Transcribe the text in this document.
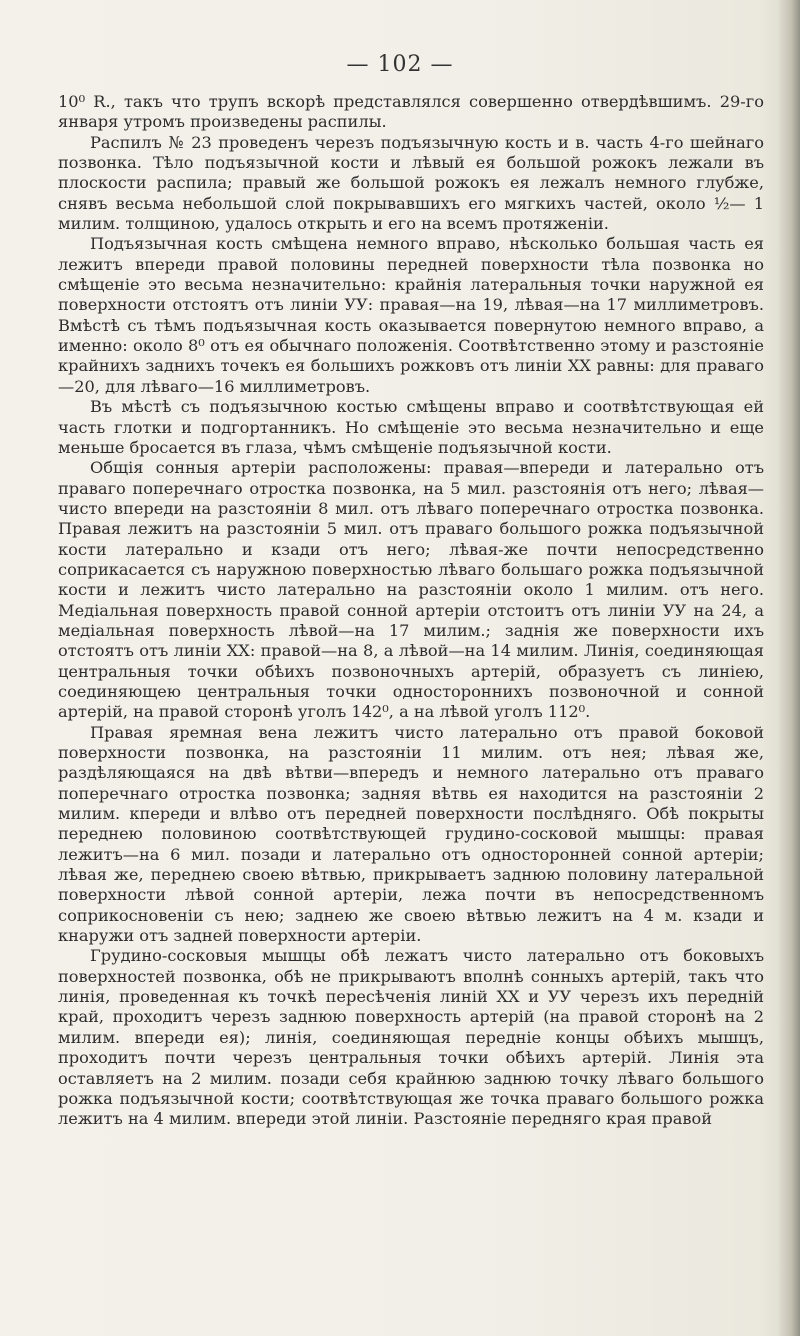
— 102 —

10⁰ R., такъ что трупъ вскорѣ представлялся совершенно отвердѣвшимъ. 29-го января утромъ произведены распилы.

Распилъ № 23 проведенъ черезъ подъязычную кость и в. часть 4-го шейнаго позвонка. Тѣло подъязычной кости и лѣвый ея большой рожокъ лежали въ плоскости распила; правый же большой рожокъ ея лежалъ немного глубже, снявъ весьма небольшой слой покрывавшихъ его мягкихъ частей, около ½— 1 милим. толщиною, удалось открыть и его на всемъ протяженіи.

Подъязычная кость смѣщена немного вправо, нѣсколько большая часть ея лежитъ впереди правой половины передней поверхности тѣла позвонка но смѣщеніе это весьма незначительно: крайнія латеральныя точки наружной ея поверхности отстоятъ отъ линіи УУ: правая—на 19, лѣвая—на 17 миллиметровъ. Вмѣстѣ съ тѣмъ подъязычная кость оказывается повернутою немного вправо, а именно: около 8⁰ отъ ея обычнаго положенія. Соотвѣтственно этому и разстояніе крайнихъ заднихъ точекъ ея большихъ рожковъ отъ линіи XX равны: для праваго—20, для лѣваго—16 миллиметровъ.

Въ мѣстѣ съ подъязычною костью смѣщены вправо и соотвѣтствующая ей часть глотки и подгортанникъ. Но смѣщеніе это весьма незначительно и еще меньше бросается въ глаза, чѣмъ смѣщеніе подъязычной кости.

Общія сонныя артеріи расположены: правая—впереди и латерально отъ праваго поперечнаго отростка позвонка, на 5 мил. разстоянія отъ него; лѣвая—чисто впереди на разстояніи 8 мил. отъ лѣваго поперечнаго отростка позвонка. Правая лежитъ на разстояніи 5 мил. отъ праваго большого рожка подъязычной кости латерально и кзади отъ него; лѣвая-же почти непосредственно соприкасается съ наружною поверхностью лѣваго большаго рожка подъязычной кости и лежитъ чисто латерально на разстояніи около 1 милим. отъ него. Медіальная поверхность правой сонной артеріи отстоитъ отъ линіи УУ на 24, а медіальная поверхность лѣвой—на 17 милим.; заднія же поверхности ихъ отстоятъ отъ линіи XX: правой—на 8, а лѣвой—на 14 милим. Линія, соединяющая центральныя точки обѣихъ позвоночныхъ артерій, образуетъ съ линіею, соединяющею центральныя точки одностороннихъ позвоночной и сонной артерій, на правой сторонѣ уголъ 142⁰, а на лѣвой уголъ 112⁰.

Правая яремная вена лежитъ чисто латерально отъ правой боковой поверхности позвонка, на разстояніи 11 милим. отъ нея; лѣвая же, раздѣляющаяся на двѣ вѣтви—впередъ и немного латерально отъ праваго поперечнаго отростка позвонка; задняя вѣтвь ея находится на разстояніи 2 милим. кпереди и влѣво отъ передней поверхности послѣдняго. Обѣ покрыты переднею половиною соотвѣтствующей грудино-сосковой мышцы: правая лежитъ—на 6 мил. позади и латерально отъ односторонней сонной артеріи; лѣвая же, переднею своею вѣтвью, прикрываетъ заднюю половину латеральной поверхности лѣвой сонной артеріи, лежа почти въ непосредственномъ соприкосновеніи съ нею; заднею же своею вѣтвью лежитъ на 4 м. кзади и кнаружи отъ задней поверхности артеріи.

Грудино-сосковыя мышцы обѣ лежатъ чисто латерально отъ боковыхъ поверхностей позвонка, обѣ не прикрываютъ вполнѣ сонныхъ артерій, такъ что линія, проведенная къ точкѣ пересѣченія линій XX и УУ черезъ ихъ передній край, проходитъ черезъ заднюю поверхность артерій (на правой сторонѣ на 2 милим. впереди ея); линія, соединяющая передніе концы обѣихъ мышцъ, проходитъ почти черезъ центральныя точки обѣихъ артерій. Линія эта оставляетъ на 2 милим. позади себя крайнюю заднюю точку лѣваго большого рожка подъязычной кости; соотвѣтствующая же точка праваго большого рожка лежитъ на 4 милим. впереди этой линіи. Разстояніе передняго края правой
